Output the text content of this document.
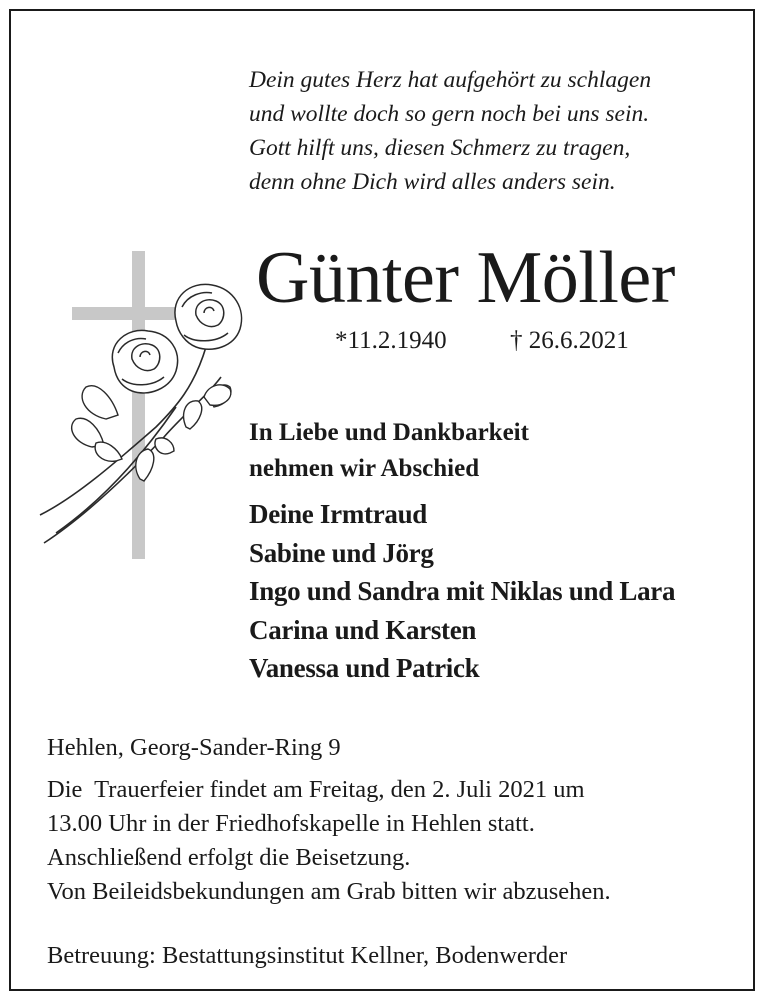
Dein gutes Herz hat aufgehört zu schlagen
und wollte doch so gern noch bei uns sein.
Gott hilft uns, diesen Schmerz zu tragen,
denn ohne Dich wird alles anders sein.
Günter Möller
*11.2.1940	† 26.6.2021
In Liebe und Dankbarkeit
nehmen wir Abschied
Deine Irmtraud
Sabine und Jörg
Ingo und Sandra mit Niklas und Lara
Carina und Karsten
Vanessa und Patrick
Hehlen, Georg-Sander-Ring 9
Die  Trauerfeier findet am Freitag, den 2. Juli 2021 um
13.00 Uhr in der Friedhofskapelle in Hehlen statt.
Anschließend erfolgt die Beisetzung.
Von Beileidsbekundungen am Grab bitten wir abzusehen.
Betreuung: Bestattungsinstitut Kellner, Bodenwerder
